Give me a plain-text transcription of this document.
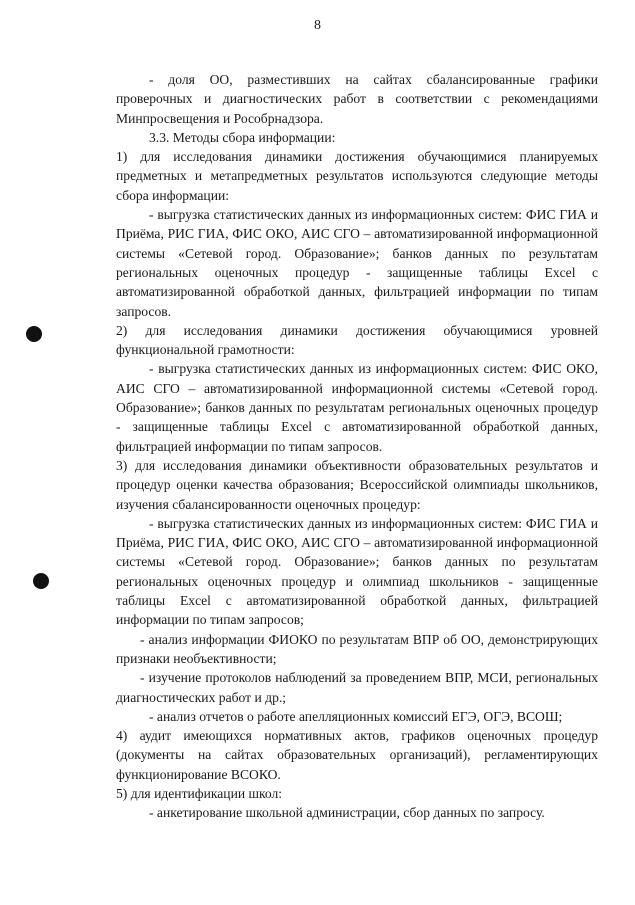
8

- доля ОО, разместивших на сайтах сбалансированные графики проверочных и диагностических работ в соответствии с рекомендациями Минпросвещения и Рособрнадзора.

3.3. Методы сбора информации:

1) для исследования динамики достижения обучающимися планируемых предметных и метапредметных результатов используются следующие методы сбора информации:

- выгрузка статистических данных из информационных систем: ФИС ГИА и Приёма, РИС ГИА, ФИС ОКО, АИС СГО – автоматизированной информационной системы «Сетевой город. Образование»; банков данных по результатам региональных оценочных процедур - защищенные таблицы Excel с автоматизированной обработкой данных, фильтрацией информации по типам запросов.

2) для исследования динамики достижения обучающимися уровней функциональной грамотности:

- выгрузка статистических данных из информационных систем: ФИС ОКО, АИС СГО – автоматизированной информационной системы «Сетевой город. Образование»; банков данных по результатам региональных оценочных процедур - защищенные таблицы Excel с автоматизированной обработкой данных, фильтрацией информации по типам запросов.

3) для исследования динамики объективности образовательных результатов и процедур оценки качества образования; Всероссийской олимпиады школьников, изучения сбалансированности оценочных процедур:

- выгрузка статистических данных из информационных систем: ФИС ГИА и Приёма, РИС ГИА, ФИС ОКО, АИС СГО – автоматизированной информационной системы «Сетевой город. Образование»; банков данных по результатам региональных оценочных процедур и олимпиад школьников - защищенные таблицы Excel с автоматизированной обработкой данных, фильтрацией информации по типам запросов;

- анализ информации ФИОКО по результатам ВПР об ОО, демонстрирующих признаки необъективности;

- изучение протоколов наблюдений за проведением ВПР, МСИ, региональных диагностических работ и др.;

- анализ отчетов о работе апелляционных комиссий ЕГЭ, ОГЭ, ВСОШ;

4) аудит имеющихся нормативных актов, графиков оценочных процедур (документы на сайтах образовательных организаций), регламентирующих функционирование ВСОКО.

5) для идентификации школ:

- анкетирование школьной администрации, сбор данных по запросу.
